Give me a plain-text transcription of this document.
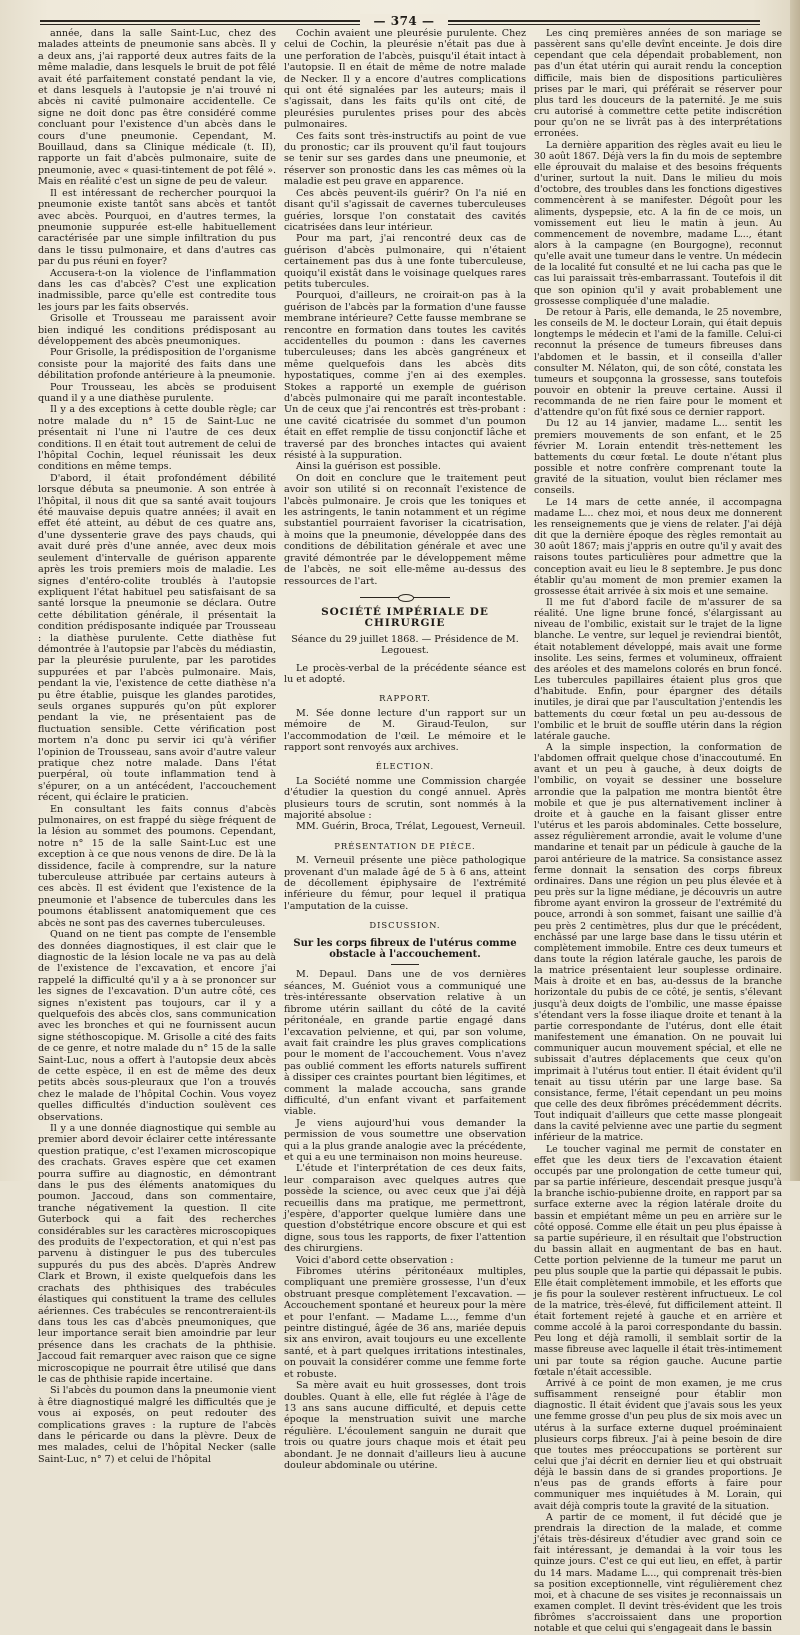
— 374 —

année, dans la salle Saint-Luc, chez des malades atteints de pneumonie sans abcès. Il y a deux ans, j'ai rapporté deux autres faits de la même maladie, dans lesquels le bruit de pot fêlé avait été parfaitement constaté pendant la vie, et dans lesquels à l'autopsie je n'ai trouvé ni abcès ni cavité pulmonaire accidentelle. Ce signe ne doit donc pas être considéré comme concluant pour l'existence d'un abcès dans le cours d'une pneumonie. Cependant, M. Bouillaud, dans sa Clinique médicale (t. II), rapporte un fait d'abcès pulmonaire, suite de pneumonie, avec « quasi-tintement de pot fêlé ». Mais en réalité c'est un signe de peu de valeur.

Il est intéressant de rechercher pourquoi la pneumonie existe tantôt sans abcès et tantôt avec abcès. Pourquoi, en d'autres termes, la pneumonie suppurée est-elle habituellement caractérisée par une simple infiltration du pus dans le tissu pulmonaire, et dans d'autres cas par du pus réuni en foyer?

Accusera-t-on la violence de l'inflammation dans les cas d'abcès? C'est une explication inadmissible, parce qu'elle est contredite tous les jours par les faits observés.

Grisolle et Trousseau me paraissent avoir bien indiqué les conditions prédisposant au développement des abcès pneumoniques.

Pour Grisolle, la prédisposition de l'organisme consiste pour la majorité des faits dans une débilitation profonde antérieure à la pneumonie.

Pour Trousseau, les abcès se produisent quand il y a une diathèse purulente.

Il y a des exceptions à cette double règle; car notre malade du n° 15 de Saint-Luc ne présentait ni l'une ni l'autre de ces deux conditions. Il en était tout autrement de celui de l'hôpital Cochin, lequel réunissait les deux conditions en même temps.

D'abord, il était profondément débilité lorsque débuta sa pneumonie. A son entrée à l'hôpital, il nous dit que sa santé avait toujours été mauvaise depuis quatre années; il avait en effet été atteint, au début de ces quatre ans, d'une dyssenterie grave des pays chauds, qui avait duré près d'une année, avec deux mois seulement d'intervalle de guérison apparente après les trois premiers mois de maladie. Les signes d'entéro-colite troublés à l'autopsie expliquent l'état habituel peu satisfaisant de sa santé lorsque la pneumonie se déclara. Outre cette débilitation générale, il présentait la condition prédisposante indiquée par Trousseau : la diathèse purulente. Cette diathèse fut démontrée à l'autopsie par l'abcès du médiastin, par la pleurésie purulente, par les parotides suppurées et par l'abcès pulmonaire. Mais, pendant la vie, l'existence de cette diathèse n'a pu être établie, puisque les glandes parotides, seuls organes suppurés qu'on pût explorer pendant la vie, ne présentaient pas de fluctuation sensible. Cette vérification post mortem n'a donc pu servir ici qu'à vérifier l'opinion de Trousseau, sans avoir d'autre valeur pratique chez notre malade. Dans l'état puerpéral, où toute inflammation tend à s'épurer, on a un antécédent, l'accouchement récent, qui éclaire le praticien.

En consultant les faits connus d'abcès pulmonaires, on est frappé du siège fréquent de la lésion au sommet des poumons. Cependant, notre n° 15 de la salle Saint-Luc est une exception à ce que nous venons de dire. De là la dissidence, facile à comprendre, sur la nature tuberculeuse attribuée par certains auteurs à ces abcès. Il est évident que l'existence de la pneumonie et l'absence de tubercules dans les poumons établissent anatomiquement que ces abcès ne sont pas des cavernes tuberculeuses.

Quand on ne tient pas compte de l'ensemble des données diagnostiques, il est clair que le diagnostic de la lésion locale ne va pas au delà de l'existence de l'excavation, et encore j'ai rappelé la difficulté qu'il y a à se prononcer sur les signes de l'excavation. D'un autre côté, ces signes n'existent pas toujours, car il y a quelquefois des abcès clos, sans communication avec les bronches et qui ne fournissent aucun signe stéthoscopique. M. Grisolle a cité des faits de ce genre, et notre malade du n° 15 de la salle Saint-Luc, nous a offert à l'autopsie deux abcès de cette espèce, il en est de même des deux petits abcès sous-pleuraux que l'on a trouvés chez le malade de l'hôpital Cochin. Vous voyez quelles difficultés d'induction soulèvent ces observations.

Il y a une donnée diagnostique qui semble au premier abord devoir éclairer cette intéressante question pratique, c'est l'examen microscopique des crachats. Graves espère que cet examen pourra suffire au diagnostic, en démontrant dans le pus des éléments anatomiques du poumon. Jaccoud, dans son commentaire, tranche négativement la question. Il cite Guterbock qui a fait des recherches considérables sur les caractères microscopiques des produits de l'expectoration, et qui n'est pas parvenu à distinguer le pus des tubercules suppurés du pus des abcès. D'après Andrew Clark et Brown, il existe quelquefois dans les crachats des phthisiques des trabécules élastiques qui constituent la trame des cellules aériennes. Ces trabécules se rencontreraient-ils dans tous les cas d'abcès pneumoniques, que leur importance serait bien amoindrie par leur présence dans les crachats de la phthisie. Jaccoud fait remarquer avec raison que ce signe microscopique ne pourrait être utilisé que dans le cas de phthisie rapide incertaine.

Si l'abcès du poumon dans la pneumonie vient à être diagnostiqué malgré les difficultés que je vous ai exposés, on peut redouter des complications graves : la rupture de l'abcès dans le péricarde ou dans la plèvre. Deux de mes malades, celui de l'hôpital Necker (salle Saint-Luc, n° 7) et celui de l'hôpital

Cochin avaient une pleurésie purulente. Chez celui de Cochin, la pleurésie n'était pas due à une perforation de l'abcès, puisqu'il était intact à l'autopsie. Il en était de même de notre malade de Necker. Il y a encore d'autres complications qui ont été signalées par les auteurs; mais il s'agissait, dans les faits qu'ils ont cité, de pleurésies purulentes prises pour des abcès pulmonaires.

Ces faits sont très-instructifs au point de vue du pronostic; car ils prouvent qu'il faut toujours se tenir sur ses gardes dans une pneumonie, et réserver son pronostic dans les cas mêmes où la maladie est peu grave en apparence.

Ces abcès peuvent-ils guérir? On l'a nié en disant qu'il s'agissait de cavernes tuberculeuses guéries, lorsque l'on constatait des cavités cicatrisées dans leur intérieur.

Pour ma part, j'ai rencontré deux cas de guérison d'abcès pulmonaire, qui n'étaient certainement pas dus à une fonte tuberculeuse, quoiqu'il existât dans le voisinage quelques rares petits tubercules.

Pourquoi, d'ailleurs, ne croirait-on pas à la guérison de l'abcès par la formation d'une fausse membrane intérieure? Cette fausse membrane se rencontre en formation dans toutes les cavités accidentelles du poumon : dans les cavernes tuberculeuses; dans les abcès gangréneux et même quelquefois dans les abcès dits hypostatiques, comme j'en ai des exemples. Stokes a rapporté un exemple de guérison d'abcès pulmonaire qui me paraît incontestable. Un de ceux que j'ai rencontrés est très-probant : une cavité cicatrisée du sommet d'un poumon était en effet remplie de tissu conjonctif lâche et traversé par des bronches intactes qui avaient résisté à la suppuration.

Ainsi la guérison est possible.

On doit en conclure que le traitement peut avoir son utilité si on reconnaît l'existence de l'abcès pulmonaire. Je crois que les toniques et les astringents, le tanin notamment et un régime substantiel pourraient favoriser la cicatrisation, à moins que la pneumonie, développée dans des conditions de débilitation générale et avec une gravité démontrée par le développement même de l'abcès, ne soit elle-même au-dessus des ressources de l'art.

SOCIÉTÉ IMPÉRIALE DE CHIRURGIE
Séance du 29 juillet 1868. — Présidence de M. Legouest.

Le procès-verbal de la précédente séance est lu et adopté.

RAPPORT.

M. Sée donne lecture d'un rapport sur un mémoire de M. Giraud-Teulon, sur l'accommodation de l'œil. Le mémoire et le rapport sont renvoyés aux archives.

ÉLECTION.

La Société nomme une Commission chargée d'étudier la question du congé annuel. Après plusieurs tours de scrutin, sont nommés à la majorité absolue :

MM. Guérin, Broca, Trélat, Legouest, Verneuil.

PRÉSENTATION DE PIÈCE.

M. Verneuil présente une pièce pathologique provenant d'un malade âgé de 5 à 6 ans, atteint de décollement épiphysaire de l'extrémité inférieure du fémur, pour lequel il pratiqua l'amputation de la cuisse.

DISCUSSION.
Sur les corps fibreux de l'utérus comme obstacle à l'accouchement.

M. Depaul. Dans une de vos dernières séances, M. Guéniot vous a communiqué une très-intéressante observation relative à un fibrome utérin saillant du côté de la cavité péritonéale, en grande partie engagé dans l'excavation pelvienne, et qui, par son volume, avait fait craindre les plus graves complications pour le moment de l'accouchement. Vous n'avez pas oublié comment les efforts naturels suffirent à dissiper ces craintes pourtant bien légitimes, et comment la malade accoucha, sans grande difficulté, d'un enfant vivant et parfaitement viable.

Je viens aujourd'hui vous demander la permission de vous soumettre une observation qui a la plus grande analogie avec la précédente, et qui a eu une terminaison non moins heureuse.

L'étude et l'interprétation de ces deux faits, leur comparaison avec quelques autres que possède la science, ou avec ceux que j'ai déjà recueillis dans ma pratique, me permettront, j'espère, d'apporter quelque lumière dans une question d'obstétrique encore obscure et qui est digne, sous tous les rapports, de fixer l'attention des chirurgiens.

Voici d'abord cette observation :

Fibromes utérins péritonéaux multiples, compliquant une première grossesse, l'un d'eux obstruant presque complètement l'excavation. — Accouchement spontané et heureux pour la mère et pour l'enfant. — Madame L..., femme d'un peintre distingué, âgée de 36 ans, mariée depuis six ans environ, avait toujours eu une excellente santé, et à part quelques irritations intestinales, on pouvait la considérer comme une femme forte et robuste.

Sa mère avait eu huit grossesses, dont trois doubles. Quant à elle, elle fut réglée à l'âge de 13 ans sans aucune difficulté, et depuis cette époque la menstruation suivit une marche régulière. L'écoulement sanguin ne durait que trois ou quatre jours chaque mois et était peu abondant. Je ne donnait d'ailleurs lieu à aucune douleur abdominale ou utérine.

Les cinq premières années de son mariage se passèrent sans qu'elle devînt enceinte. Je dois dire cependant que cela dépendait probablement, non pas d'un état utérin qui aurait rendu la conception difficile, mais bien de dispositions particulières prises par le mari, qui préférait se réserver pour plus tard les douceurs de la paternité. Je me suis cru autorisé à commettre cette petite indiscrétion pour qu'on ne se livrât pas à des interprétations erronées.

La dernière apparition des règles avait eu lieu le 30 août 1867. Déjà vers la fin du mois de septembre elle éprouvait du malaise et des besoins fréquents d'uriner, surtout la nuit. Dans le milieu du mois d'octobre, des troubles dans les fonctions digestives commencèrent à se manifester. Dégoût pour les aliments, dyspepsie, etc. A la fin de ce mois, un vomissement eut lieu le matin à jeun. Au commencement de novembre, madame L..., étant alors à la campagne (en Bourgogne), reconnut qu'elle avait une tumeur dans le ventre. Un médecin de la localité fut consulté et ne lui cacha pas que le cas lui paraissait très-embarrassant. Toutefois il dit que son opinion qu'il y avait probablement une grossesse compliquée d'une maladie.

De retour à Paris, elle demanda, le 25 novembre, les conseils de M. le docteur Lorain, qui était depuis longtemps le médecin et l'ami de la famille. Celui-ci reconnut la présence de tumeurs fibreuses dans l'abdomen et le bassin, et il conseilla d'aller consulter M. Nélaton, qui, de son côté, constata les tumeurs et soupçonna la grossesse, sans toutefois pouvoir en obtenir la preuve certaine. Aussi il recommanda de ne rien faire pour le moment et d'attendre qu'on fût fixé sous ce dernier rapport.

Du 12 au 14 janvier, madame L... sentit les premiers mouvements de son enfant, et le 25 février M. Lorain entendit très-nettement les battements du cœur fœtal. Le doute n'étant plus possible et notre confrère comprenant toute la gravité de la situation, voulut bien réclamer mes conseils.

Le 14 mars de cette année, il accompagna madame L... chez moi, et nous deux me donnerent les renseignements que je viens de relater. J'ai déjà dit que la dernière époque des règles remontait au 30 août 1867; mais j'appris en outre qu'il y avait des raisons toutes particulières pour admettre que la conception avait eu lieu le 8 septembre. Je pus donc établir qu'au moment de mon premier examen la grossesse était arrivée à six mois et une semaine.

Il me fut d'abord facile de m'assurer de sa réalité. Une ligne brune foncé, s'élargissant au niveau de l'ombilic, existait sur le trajet de la ligne blanche. Le ventre, sur lequel je reviendrai bientôt, était notablement développé, mais avait une forme insolite. Les seins, fermes et volumineux, offraient des aréoles et des mamelons colorés en brun foncé. Les tubercules papillaires étaient plus gros que d'habitude. Enfin, pour épargner des détails inutiles, je dirai que par l'auscultation j'entendis les battements du cœur fœtal un peu au-dessous de l'ombilic et le bruit de souffle utérin dans la région latérale gauche.

A la simple inspection, la conformation de l'abdomen offrait quelque chose d'inaccoutumé. En avant et un peu à gauche, à deux doigts de l'ombilic, on voyait se dessiner une bosselure arrondie que la palpation me montra bientôt être mobile et que je pus alternativement incliner à droite et à gauche en la faisant glisser entre l'utérus et les parois abdominales. Cette bosselure, assez régulièrement arrondie, avait le volume d'une mandarine et tenait par un pédicule à gauche de la paroi antérieure de la matrice. Sa consistance assez ferme donnait la sensation des corps fibreux ordinaires. Dans une région un peu plus élevée et à peu près sur la ligne médiane, je découvris un autre fibrome ayant environ la grosseur de l'extrémité du pouce, arrondi à son sommet, faisant une saillie d'à peu près 2 centimètres, plus dur que le précédent, enchâssé par une large base dans le tissu utérin et complètement immobile. Entre ces deux tumeurs et dans toute la région latérale gauche, les parois de la matrice présentaient leur souplesse ordinaire. Mais à droite et en bas, au-dessus de la branche horizontale du pubis de ce côté, je sentis, s'élevant jusqu'à deux doigts de l'ombilic, une masse épaisse s'étendant vers la fosse iliaque droite et tenant à la partie correspondante de l'utérus, dont elle était manifestement une émanation. On ne pouvait lui communiquer aucun mouvement spécial, et elle ne subissait d'autres déplacements que ceux qu'on imprimait à l'utérus tout entier. Il était évident qu'il tenait au tissu utérin par une large base. Sa consistance, ferme, l'était cependant un peu moins que celle des deux fibrômes précédemment décrits. Tout indiquait d'ailleurs que cette masse plongeait dans la cavité pelvienne avec une partie du segment inférieur de la matrice.

Le toucher vaginal me permit de constater en effet que les deux tiers de l'excavation étaient occupés par une prolongation de cette tumeur qui, par sa partie inférieure, descendait presque jusqu'à la branche ischio-pubienne droite, en rapport par sa surface externe avec la région latérale droite du bassin et empiétant même un peu en arrière sur le côté opposé. Comme elle était un peu plus épaisse à sa partie supérieure, il en résultait que l'obstruction du bassin allait en augmentant de bas en haut. Cette portion pelvienne de la tumeur me parut un peu plus souple que la partie qui dépassait le pubis. Elle était complètement immobile, et les efforts que je fis pour la soulever restèrent infructueux. Le col de la matrice, très-élevé, fut difficilement atteint. Il était fortement rejeté à gauche et en arrière et comme accolé à la paroi correspondante du bassin. Peu long et déjà ramolli, il semblait sortir de la masse fibreuse avec laquelle il était très-intimement uni par toute sa région gauche. Aucune partie fœtale n'était accessible.

Arrivé à ce point de mon examen, je me crus suffisamment renseigné pour établir mon diagnostic. Il était évident que j'avais sous les yeux une femme grosse d'un peu plus de six mois avec un utérus à la surface externe duquel proéminaient plusieurs corps fibreux. J'ai à peine besoin de dire que toutes mes préoccupations se portèrent sur celui que j'ai décrit en dernier lieu et qui obstruait déjà le bassin dans de si grandes proportions. Je n'eus pas de grands efforts à faire pour communiquer mes inquiétudes à M. Lorain, qui avait déjà compris toute la gravité de la situation.

A partir de ce moment, il fut décidé que je prendrais la direction de la malade, et comme j'étais très-désireux d'étudier avec grand soin ce fait intéressant, je demandai à la voir tous les quinze jours. C'est ce qui eut lieu, en effet, à partir du 14 mars. Madame L..., qui comprenait très-bien sa position exceptionnelle, vint régulièrement chez moi, et à chacune de ses visites je reconnaissais un examen complet. Il devint très-évident que les trois fibrômes s'accroissaient dans une proportion notable et que celui qui s'engageait dans le bassin
